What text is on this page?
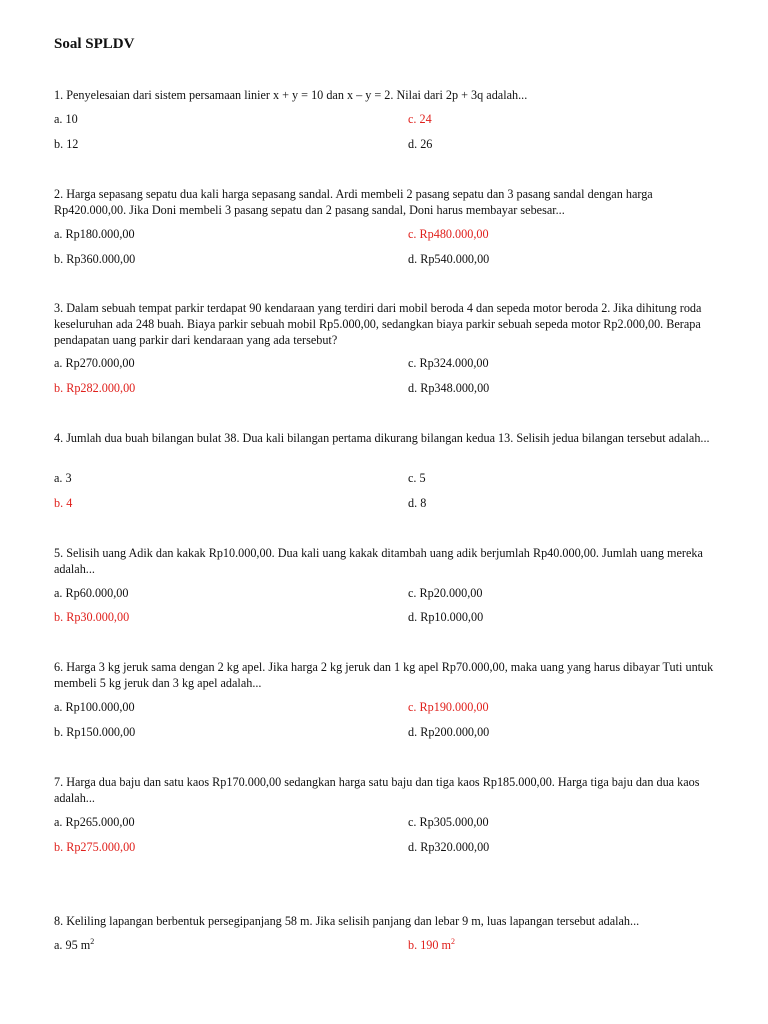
Soal SPLDV
1. Penyelesaian dari sistem persamaan linier x + y = 10 dan x – y = 2. Nilai dari 2p + 3q adalah...
a. 10	c. 24
b. 12	d. 26
2. Harga sepasang sepatu dua kali harga sepasang sandal. Ardi membeli 2 pasang sepatu dan 3 pasang sandal dengan harga Rp420.000,00. Jika Doni membeli 3 pasang sepatu dan 2 pasang sandal, Doni harus membayar sebesar...
a. Rp180.000,00	c. Rp480.000,00
b. Rp360.000,00	d. Rp540.000,00
3. Dalam sebuah tempat parkir terdapat 90 kendaraan yang terdiri dari mobil beroda 4 dan sepeda motor beroda 2. Jika dihitung roda keseluruhan ada 248 buah. Biaya parkir sebuah mobil Rp5.000,00, sedangkan biaya parkir sebuah sepeda motor Rp2.000,00. Berapa pendapatan uang parkir dari kendaraan yang ada tersebut?
a. Rp270.000,00	c. Rp324.000,00
b. Rp282.000,00	d. Rp348.000,00
4. Jumlah dua buah bilangan bulat 38. Dua kali bilangan pertama dikurang bilangan kedua 13. Selisih jedua bilangan tersebut adalah...
a. 3	c. 5
b. 4	d. 8
5. Selisih uang Adik dan kakak Rp10.000,00. Dua kali uang kakak ditambah uang adik berjumlah Rp40.000,00. Jumlah uang mereka adalah...
a. Rp60.000,00	c. Rp20.000,00
b. Rp30.000,00	d. Rp10.000,00
6. Harga 3 kg jeruk sama dengan 2 kg apel. Jika harga 2 kg jeruk dan 1 kg apel Rp70.000,00, maka uang yang harus dibayar Tuti untuk membeli 5 kg jeruk dan 3 kg apel adalah...
a. Rp100.000,00	c. Rp190.000,00
b. Rp150.000,00	d. Rp200.000,00
7. Harga dua baju dan satu kaos Rp170.000,00 sedangkan harga satu baju dan tiga kaos Rp185.000,00. Harga tiga baju dan dua kaos adalah...
a. Rp265.000,00	c. Rp305.000,00
b. Rp275.000,00	d. Rp320.000,00
8. Keliling lapangan berbentuk persegipanjang 58 m. Jika selisih panjang dan lebar 9 m, luas lapangan tersebut adalah...
a. 95 $m^2$	b. 190 $m^2$
